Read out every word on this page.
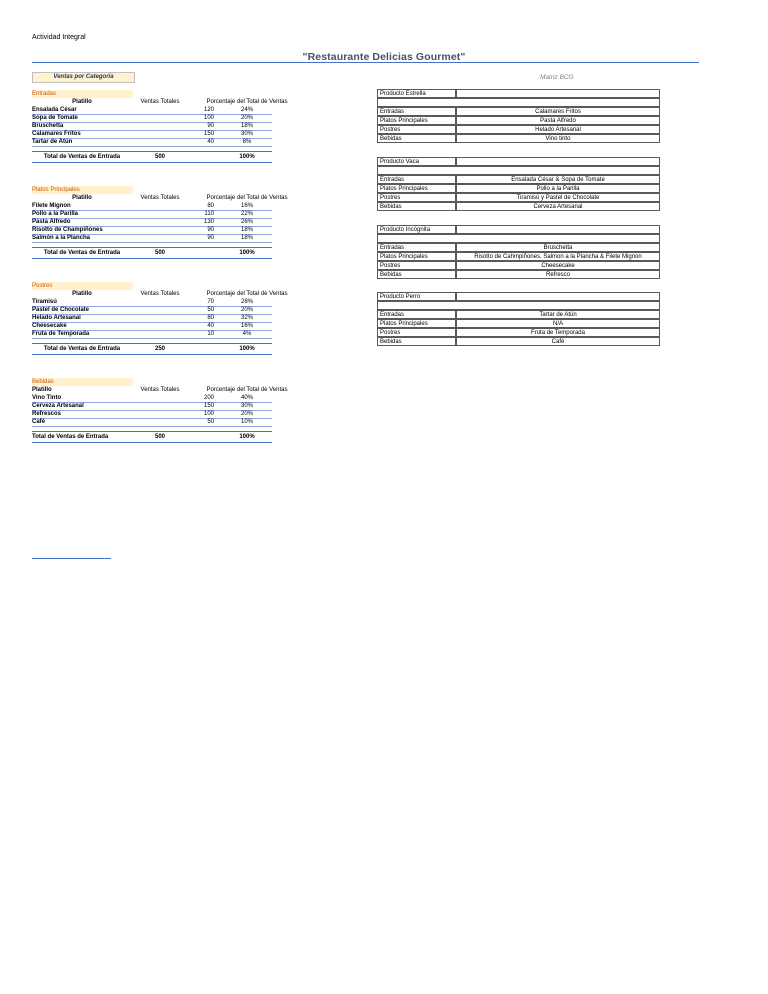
Actividad Integral
"Restaurante Delicias Gourmet"
Ventas por Categoría	Matriz BCG
Entradas
Platillo	Ventas Totales	Porcentaje del Total de Ventas
Ensalada César	120	24%
Sopa de Tomate	100	20%
Bruschetta	90	18%
Calamares Fritos	150	30%
Tartar de Atún	40	8%
Total de Ventas de Entrada	500	100%
Platos Principales
Platillo	Ventas Totales	Porcentaje del Total de Ventas
Filete Mignon	80	16%
Pollo a la Parilla	110	22%
Pasta Alfredo	130	26%
Risotto de Champiñones	90	18%
Salmón a la Plancha	90	18%
Total de Ventas de Entrada	500	100%
Postres
Platillo	Ventas Totales	Porcentaje del Total de Ventas
Tiramisú	70	28%
Pastel de Chocolate	50	20%
Helado Artesanal	80	32%
Cheesecake	40	16%
Fruta de Temporada	10	4%
Total de Ventas de Entrada	250	100%
Bebidas
Platillo	Ventas Totales	Porcentaje del Total de Ventas
Vino Tinto	200	40%
Cerveza Artesanal	150	30%
Refrescos	100	20%
Café	50	10%
Total de Ventas de Entrada	500	100%
Producto Estrella
Entradas	Calamares Fritos
Platos Principales	Pasta Alfredo
Postres	Helado Artesanal
Bebidas	Vino tinto
Producto Vaca
Entradas	Ensalada César & Sopa de Tomate
Platos Principales	Pollo a la Parilla
Postres	Tiramisú y Pastel de Chocolate
Bebidas	Cerveza Artesanal
Producto Incógnita
Entradas	Bruschetta
Platos Principales	Risotto de Cahmpiñones, Salmon a la Plancha & Filete Mignon
Postres	Cheesecake
Bebidas	Refresco
Producto Perro
Entradas	Tartar de Atún
Platos Principales	N/A
Postres	Fruta de Temporada
Bebidas	Café
